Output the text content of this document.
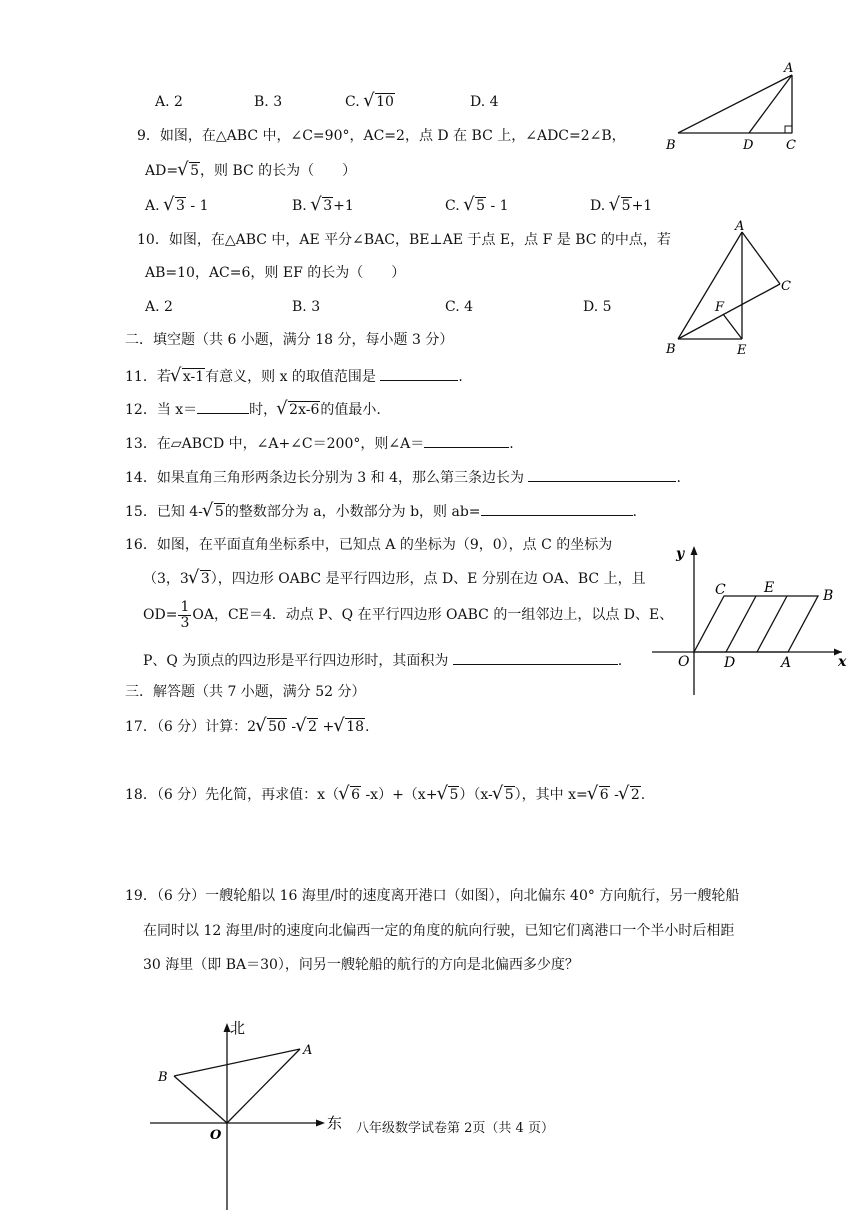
A. 2	B. 3	C. √ 10	D. 4
A
B	D	C
9．如图，在△ABC 中，∠C=90°，AC=2，点 D 在 BC 上，∠ADC=2∠B，
AD= √ 5，则 BC 的长为（　　）
A. √ 3 - 1	B. √ 3+1	C. √ 5 - 1	D. √ 5+1
10．如图，在△ABC 中，AE 平分∠BAC，BE⊥AE 于点 E，点 F 是 BC 的中点，若
AB=10，AC=6，则 EF 的长为（　　）
A. 2	B. 3	C. 4	D. 5
A
C
F
B	E
二．填空题（共 6 小题，满分 18 分，每小题 3 分）
11．若 √ x-1有意义，则 x 的取值范围是	.
12．当 x＝	时， √ 2x-6的值最小.
13．在▱ABCD 中，∠A+∠C＝200°，则∠A＝	.
14．如果直角三角形两条边长分别为 3 和 4，那么第三条边长为	.
15．已知 4- √ 5的整数部分为 a，小数部分为 b，则 ab=	.
16．如图，在平面直角坐标系中，已知点 A 的坐标为（9，0），点 C 的坐标为
（3，3 √ 3），四边形 OABC 是平行四边形，点 D、E 分别在边 OA、BC 上，且
$OD= \frac{1}{3}$ OA，CE＝4．动点 P、Q 在平行四边形 OABC 的一组邻边上，以点 D、E、
P、Q 为顶点的四边形是平行四边形时，其面积为	.
y
x
O
C	E	B
D	A
三．解答题（共 7 小题，满分 52 分）
17．（6 分）计算：2 √ 50 - √ 2 + √ 18.
18．（6 分）先化简，再求值：x（ √ 6 -x）+（x+ √ 5）（x- √ 5），其中 x= √ 6 - √ 2.
19．（6 分）一艘轮船以 16 海里/时的速度离开港口（如图），向北偏东 40° 方向航行，另一艘轮船
在同时以 12 海里/时的速度向北偏西一定的角度的航向行驶，已知它们离港口一个半小时后相距
30 海里（即 BA＝30），问另一艘轮船的航行的方向是北偏西多少度？
北
东
A
B
O	八年级数学试卷第 2页（共 4 页）
